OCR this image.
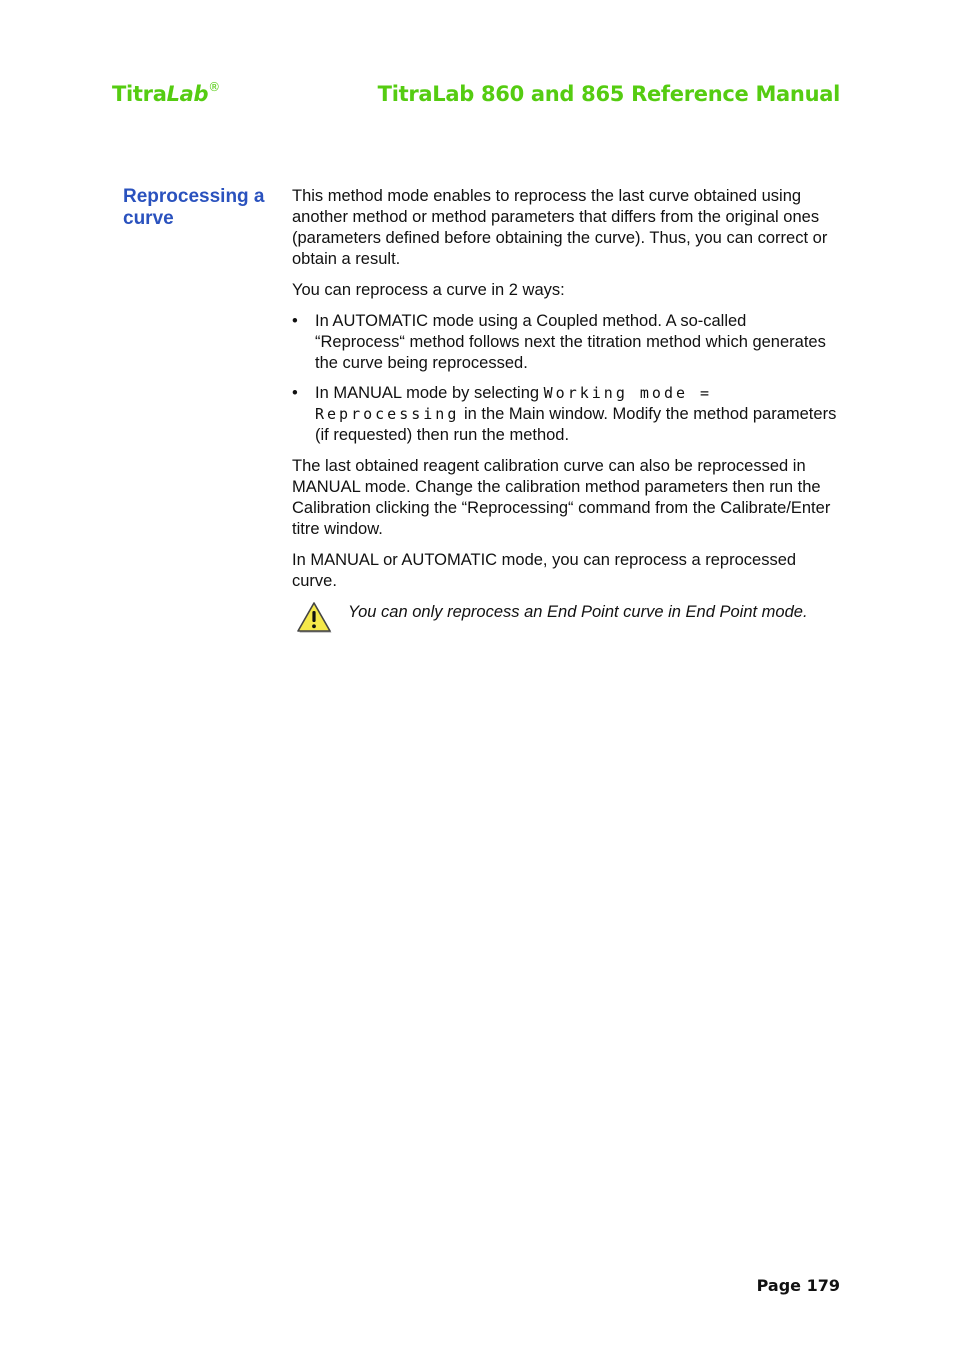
TitraLab®	TitraLab 860 and 865 Reference Manual
Reprocessing a curve

This method mode enables to reprocess the last curve obtained using another method or method parameters that differs from the original ones (parameters defined before obtaining the curve). Thus, you can correct or obtain a result.

You can reprocess a curve in 2 ways:

• In AUTOMATIC mode using a Coupled method. A so-called “Reprocess“ method follows next the titration method which generates the curve being reprocessed.
• In MANUAL mode by selecting Working mode = Reprocessing in the Main window. Modify the method parameters (if requested) then run the method.

The last obtained reagent calibration curve can also be reprocessed in MANUAL mode. Change the calibration method parameters then run the Calibration clicking the “Reprocessing“ command from the Calibrate/Enter titre window.

In MANUAL or AUTOMATIC mode, you can reprocess a reprocessed curve.

You can only reprocess an End Point curve in End Point mode.
Page 179
